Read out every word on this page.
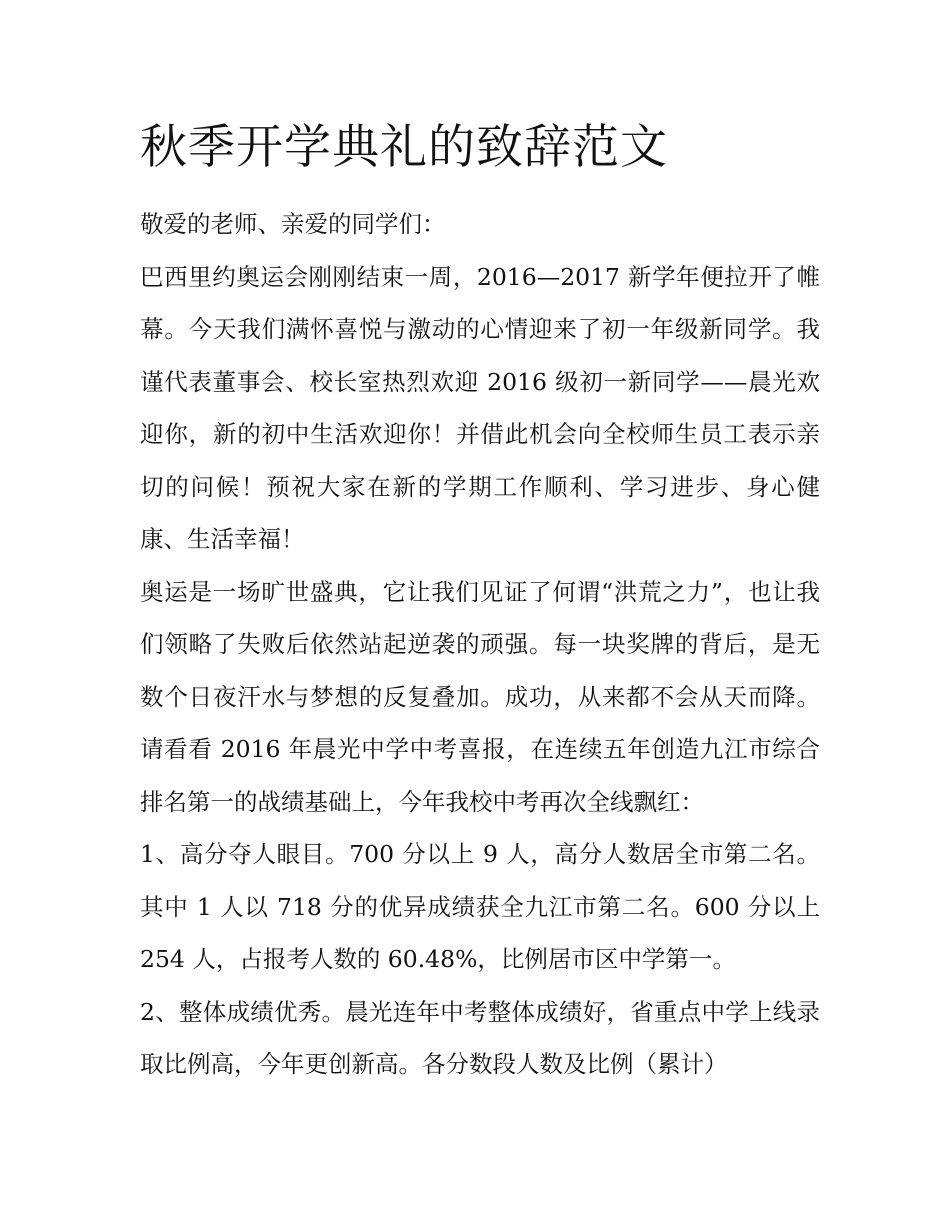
秋季开学典礼的致辞范文

敬爱的老师、亲爱的同学们：

巴西里约奥运会刚刚结束一周，2016—2017 新学年便拉开了帷幕。今天我们满怀喜悦与激动的心情迎来了初一年级新同学。我谨代表董事会、校长室热烈欢迎 2016 级初一新同学——晨光欢迎你，新的初中生活欢迎你！并借此机会向全校师生员工表示亲切的问候！预祝大家在新的学期工作顺利、学习进步、身心健康、生活幸福！

奥运是一场旷世盛典，它让我们见证了何谓“洪荒之力”，也让我们领略了失败后依然站起逆袭的顽强。每一块奖牌的背后，是无数个日夜汗水与梦想的反复叠加。成功，从来都不会从天而降。请看看 2016 年晨光中学中考喜报，在连续五年创造九江市综合排名第一的战绩基础上，今年我校中考再次全线飘红：

1、高分夺人眼目。700 分以上 9 人，高分人数居全市第二名。其中 1 人以 718 分的优异成绩获全九江市第二名。600 分以上 254 人，占报考人数的 60.48%，比例居市区中学第一。

2、整体成绩优秀。晨光连年中考整体成绩好，省重点中学上线录取比例高，今年更创新高。各分数段人数及比例（累计）
